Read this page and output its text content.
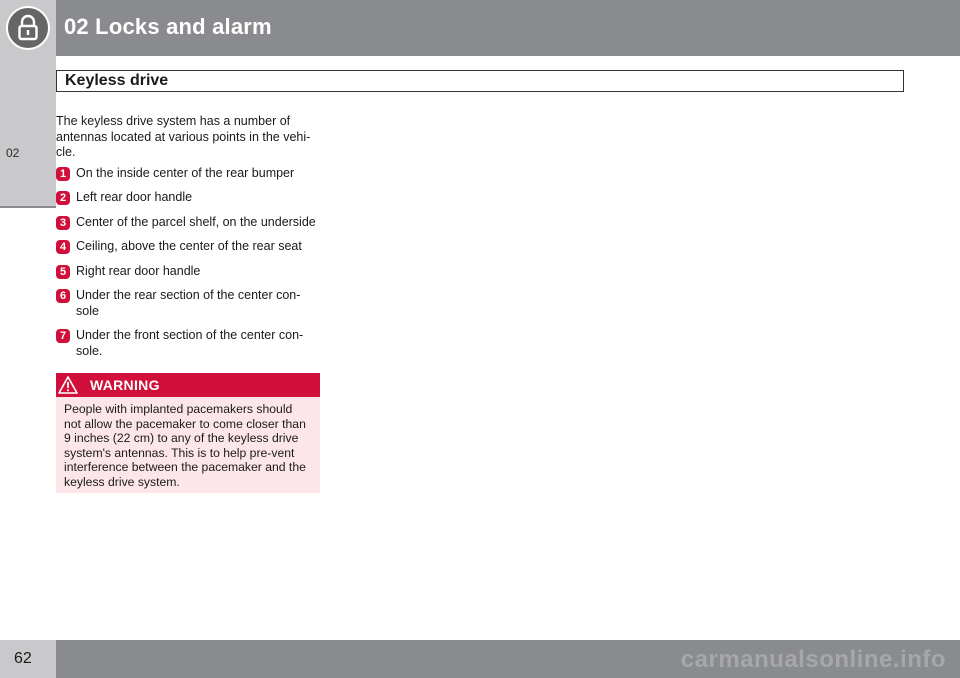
02 Locks and alarm
02
Keyless drive

The keyless drive system has a number of antennas located at various points in the vehi-cle.

1 On the inside center of the rear bumper
2 Left rear door handle
3 Center of the parcel shelf, on the underside
4 Ceiling, above the center of the rear seat
5 Right rear door handle
6 Under the rear section of the center con-sole
7 Under the front section of the center con-sole.
WARNING
People with implanted pacemakers should not allow the pacemaker to come closer than 9 inches (22 cm) to any of the keyless drive system's antennas. This is to help pre-vent interference between the pacemaker and the keyless drive system.
62	carmanualsonline.info
